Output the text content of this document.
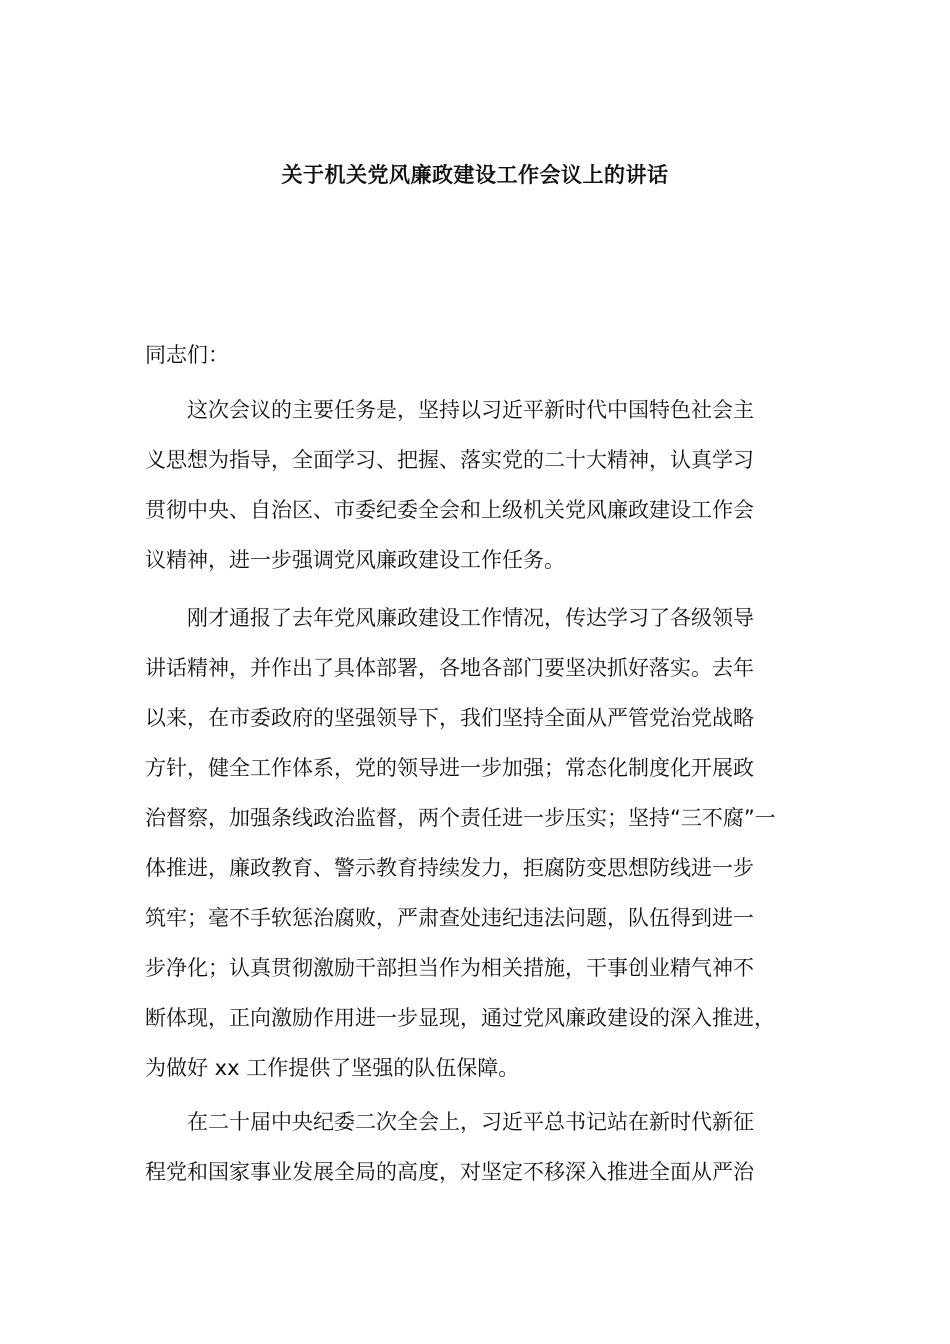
关于机关党风廉政建设工作会议上的讲话
同志们：
　　这次会议的主要任务是，坚持以习近平新时代中国特色社会主
义思想为指导，全面学习、把握、落实党的二十大精神，认真学习
贯彻中央、自治区、市委纪委全会和上级机关党风廉政建设工作会
议精神，进一步强调党风廉政建设工作任务。
　　刚才通报了去年党风廉政建设工作情况，传达学习了各级领导
讲话精神，并作出了具体部署，各地各部门要坚决抓好落实。去年
以来，在市委政府的坚强领导下，我们坚持全面从严管党治党战略
方针，健全工作体系，党的领导进一步加强；常态化制度化开展政
治督察，加强条线政治监督，两个责任进一步压实；坚持“三不腐”一
体推进，廉政教育、警示教育持续发力，拒腐防变思想防线进一步
筑牢；毫不手软惩治腐败，严肃查处违纪违法问题，队伍得到进一
步净化；认真贯彻激励干部担当作为相关措施，干事创业精气神不
断体现，正向激励作用进一步显现，通过党风廉政建设的深入推进，
为做好 xx 工作提供了坚强的队伍保障。
　　在二十届中央纪委二次全会上，习近平总书记站在新时代新征
程党和国家事业发展全局的高度，对坚定不移深入推进全面从严治
